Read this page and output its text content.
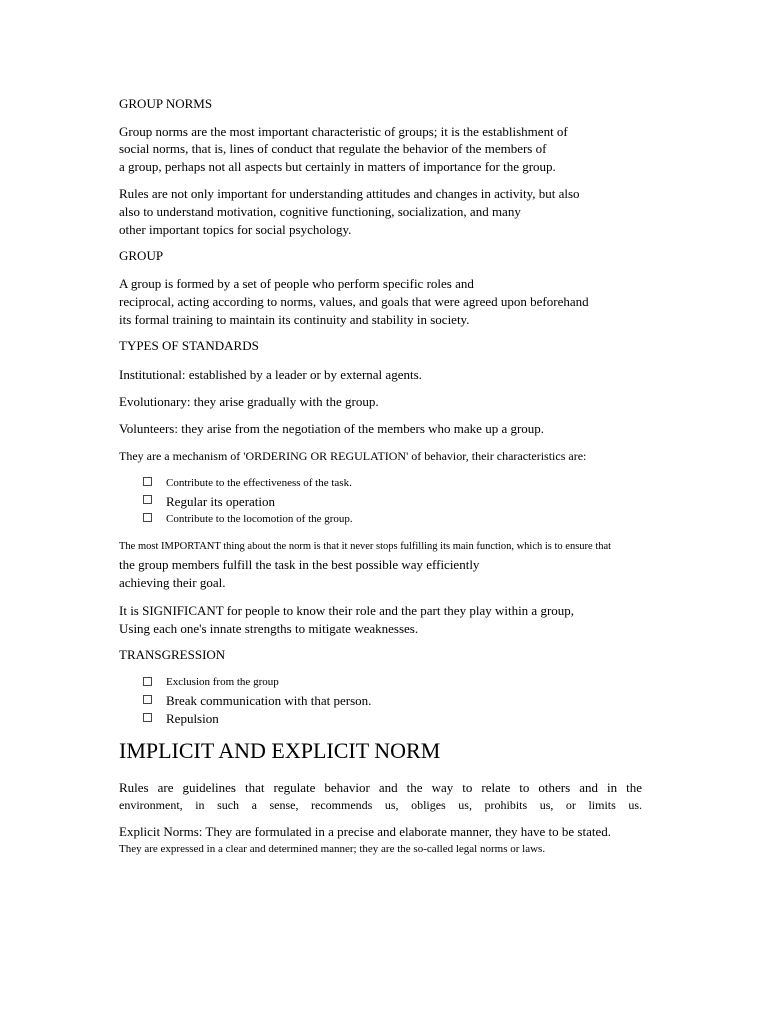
GROUP NORMS

Group norms are the most important characteristic of groups; it is the establishment of

social norms, that is, lines of conduct that regulate the behavior of the members of

a group, perhaps not all aspects but certainly in matters of importance for the group.

Rules are not only important for understanding attitudes and changes in activity, but also

also to understand motivation, cognitive functioning, socialization, and many

other important topics for social psychology.

GROUP

A group is formed by a set of people who perform specific roles and

reciprocal, acting according to norms, values, and goals that were agreed upon beforehand

its formal training to maintain its continuity and stability in society.

TYPES OF STANDARDS

Institutional: established by a leader or by external agents.

Evolutionary: they arise gradually with the group.

Volunteers: they arise from the negotiation of the members who make up a group.

They are a mechanism of 'ORDERING OR REGULATION' of behavior, their characteristics are:

Contribute to the effectiveness of the task.

Regular its operation

Contribute to the locomotion of the group.

The most IMPORTANT thing about the norm is that it never stops fulfilling its main function, which is to ensure that

the group members fulfill the task in the best possible way efficiently

achieving their goal.

It is SIGNIFICANT for people to know their role and the part they play within a group,

Using each one's innate strengths to mitigate weaknesses.

TRANSGRESSION

Exclusion from the group

Break communication with that person.

Repulsion

IMPLICIT AND EXPLICIT NORM

Rules are guidelines that regulate behavior and the way to relate to others and in the

environment, in such a sense, recommends us, obliges us, prohibits us, or limits us.

Explicit Norms: They are formulated in a precise and elaborate manner, they have to be stated.

They are expressed in a clear and determined manner; they are the so-called legal norms or laws.
